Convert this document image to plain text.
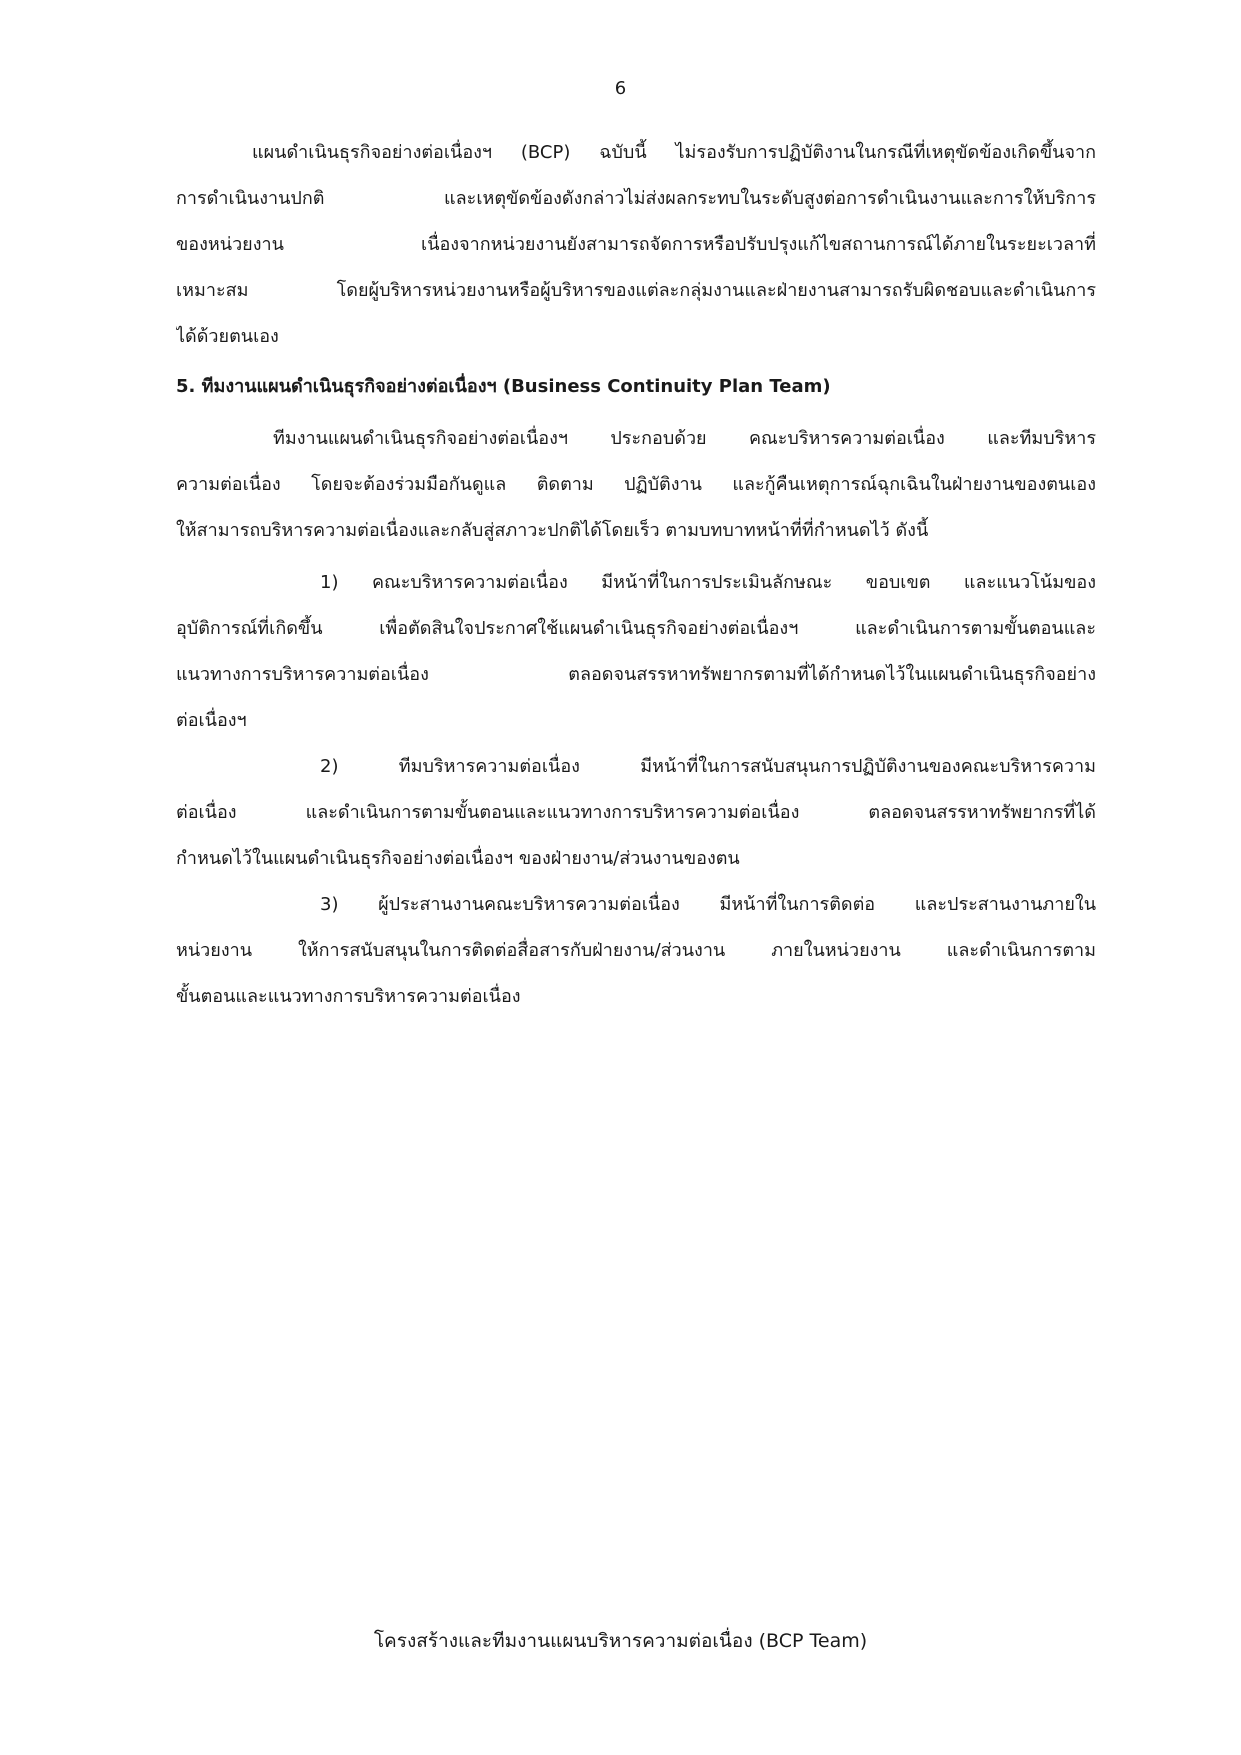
6
แผนดำเนินธุรกิจอย่างต่อเนื่องฯ (BCP) ฉบับนี้ ไม่รองรับการปฏิบัติงานในกรณีที่เหตุขัดข้องเกิดขึ้นจาก
การดำเนินงานปกติ และเหตุขัดข้องดังกล่าวไม่ส่งผลกระทบในระดับสูงต่อการดำเนินงานและการให้บริการ
ของหน่วยงาน เนื่องจากหน่วยงานยังสามารถจัดการหรือปรับปรุงแก้ไขสถานการณ์ได้ภายในระยะเวลาที่
เหมาะสม โดยผู้บริหารหน่วยงานหรือผู้บริหารของแต่ละกลุ่มงานและฝ่ายงานสามารถรับผิดชอบและดำเนินการ
ได้ด้วยตนเอง
5. ทีมงานแผนดำเนินธุรกิจอย่างต่อเนื่องฯ (Business Continuity Plan Team)
ทีมงานแผนดำเนินธุรกิจอย่างต่อเนื่องฯ ประกอบด้วย คณะบริหารความต่อเนื่อง และทีมบริหาร
ความต่อเนื่อง โดยจะต้องร่วมมือกันดูแล ติดตาม ปฏิบัติงาน และกู้คืนเหตุการณ์ฉุกเฉินในฝ่ายงานของตนเอง
ให้สามารถบริหารความต่อเนื่องและกลับสู่สภาวะปกติได้โดยเร็ว ตามบทบาทหน้าที่ที่กำหนดไว้ ดังนี้
1) คณะบริหารความต่อเนื่อง มีหน้าที่ในการประเมินลักษณะ ขอบเขต และแนวโน้มของ
อุบัติการณ์ที่เกิดขึ้น เพื่อตัดสินใจประกาศใช้แผนดำเนินธุรกิจอย่างต่อเนื่องฯ และดำเนินการตามขั้นตอนและ
แนวทางการบริหารความต่อเนื่อง ตลอดจนสรรหาทรัพยากรตามที่ได้กำหนดไว้ในแผนดำเนินธุรกิจอย่าง
ต่อเนื่องฯ
2) ทีมบริหารความต่อเนื่อง มีหน้าที่ในการสนับสนุนการปฏิบัติงานของคณะบริหารความ
ต่อเนื่อง และดำเนินการตามขั้นตอนและแนวทางการบริหารความต่อเนื่อง ตลอดจนสรรหาทรัพยากรที่ได้
กำหนดไว้ในแผนดำเนินธุรกิจอย่างต่อเนื่องฯ ของฝ่ายงาน/ส่วนงานของตน
3) ผู้ประสานงานคณะบริหารความต่อเนื่อง มีหน้าที่ในการติดต่อ และประสานงานภายใน
หน่วยงาน ให้การสนับสนุนในการติดต่อสื่อสารกับฝ่ายงาน/ส่วนงาน ภายในหน่วยงาน และดำเนินการตาม
ขั้นตอนและแนวทางการบริหารความต่อเนื่อง
โครงสร้างและทีมงานแผนบริหารความต่อเนื่อง (BCP Team)
